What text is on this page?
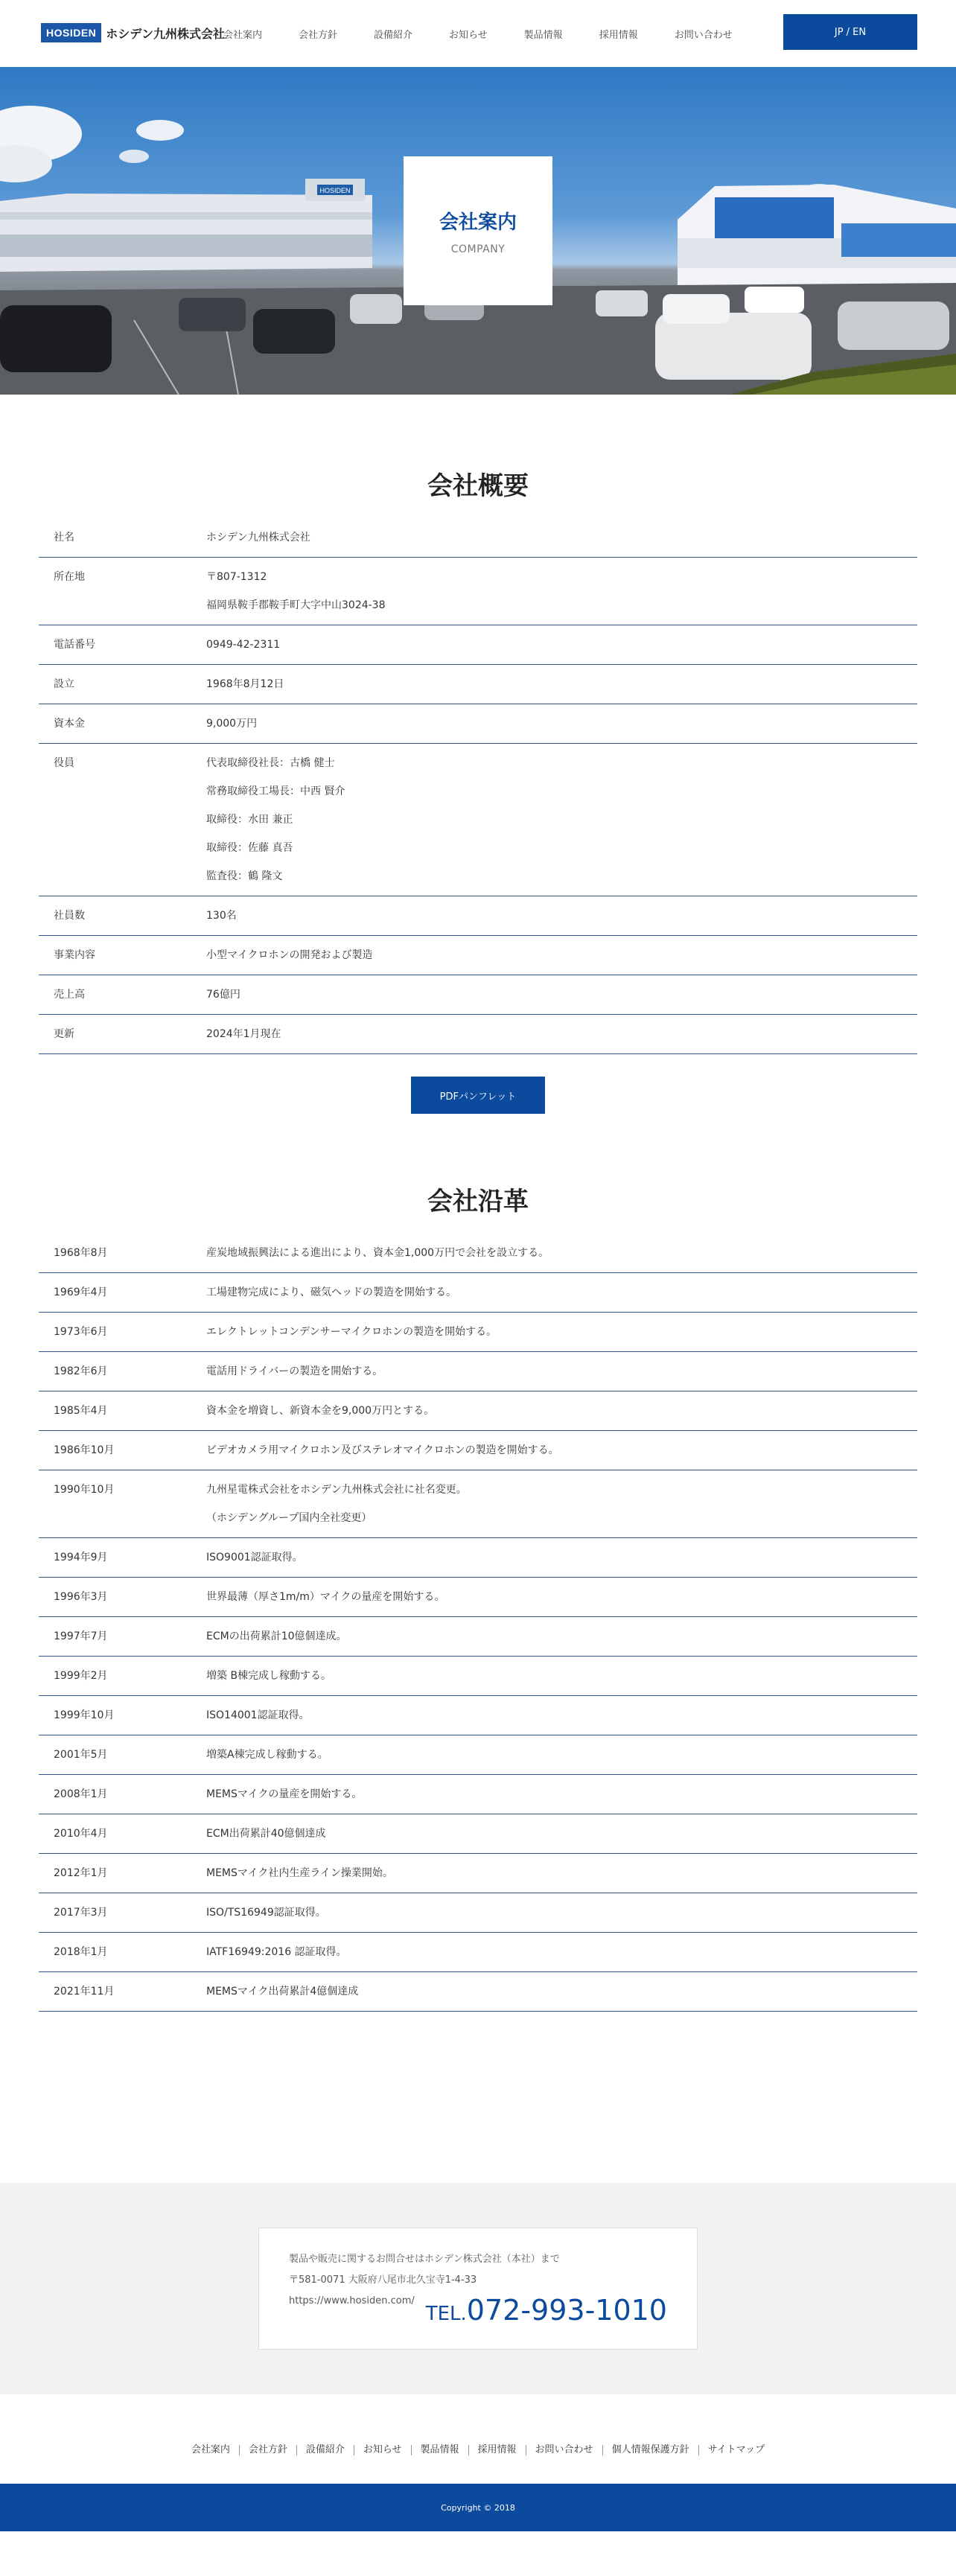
HOSIDEN ホシデン九州株式会社
会社案内	会社方針	設備紹介	お知らせ	製品情報	採用情報	お問い合わせ	JP / EN
HOSIDEN
会社案内
COMPANY
会社概要
社名	ホシデン九州株式会社
所在地	〒807-1312
福岡県鞍手郡鞍手町大字中山3024-38
電話番号	0949-42-2311
設立	1968年8月12日
資本金	9,000万円
役員	代表取締役社長：古橋 健士
常務取締役工場長：中西 賢介
取締役：水田 兼正
取締役：佐藤 真吾
監査役：鶴 隆文
社員数	130名
事業内容	小型マイクロホンの開発および製造
売上高	76億円
更新	2024年1月現在
PDFパンフレット
会社沿革
1968年8月	産炭地域振興法による進出により、資本金1,000万円で会社を設立する。
1969年4月	工場建物完成により、磁気ヘッドの製造を開始する。
1973年6月	エレクトレットコンデンサーマイクロホンの製造を開始する。
1982年6月	電話用ドライバーの製造を開始する。
1985年4月	資本金を増資し、新資本金を9,000万円とする。
1986年10月	ビデオカメラ用マイクロホン及びステレオマイクロホンの製造を開始する。
1990年10月	九州星電株式会社をホシデン九州株式会社に社名変更。
（ホシデングループ国内全社変更）
1994年9月	ISO9001認証取得。
1996年3月	世界最薄（厚さ1m/m）マイクの量産を開始する。
1997年7月	ECMの出荷累計10億個達成。
1999年2月	増築 B棟完成し稼動する。
1999年10月	ISO14001認証取得。
2001年5月	増築A棟完成し稼動する。
2008年1月	MEMSマイクの量産を開始する。
2010年4月	ECM出荷累計40億個達成
2012年1月	MEMSマイク社内生産ライン操業開始。
2017年3月	ISO/TS16949認証取得。
2018年1月	IATF16949:2016 認証取得。
2021年11月	MEMSマイク出荷累計4億個達成
製品や販売に関するお問合せはホシデン株式会社（本社）まで
〒581-0071 大阪府八尾市北久宝寺1-4-33
https://www.hosiden.com/
TEL.072-993-1010
会社案内	会社方針	設備紹介	お知らせ	製品情報	採用情報	お問い合わせ	個人情報保護方針	サイトマップ
Copyright © 2018
